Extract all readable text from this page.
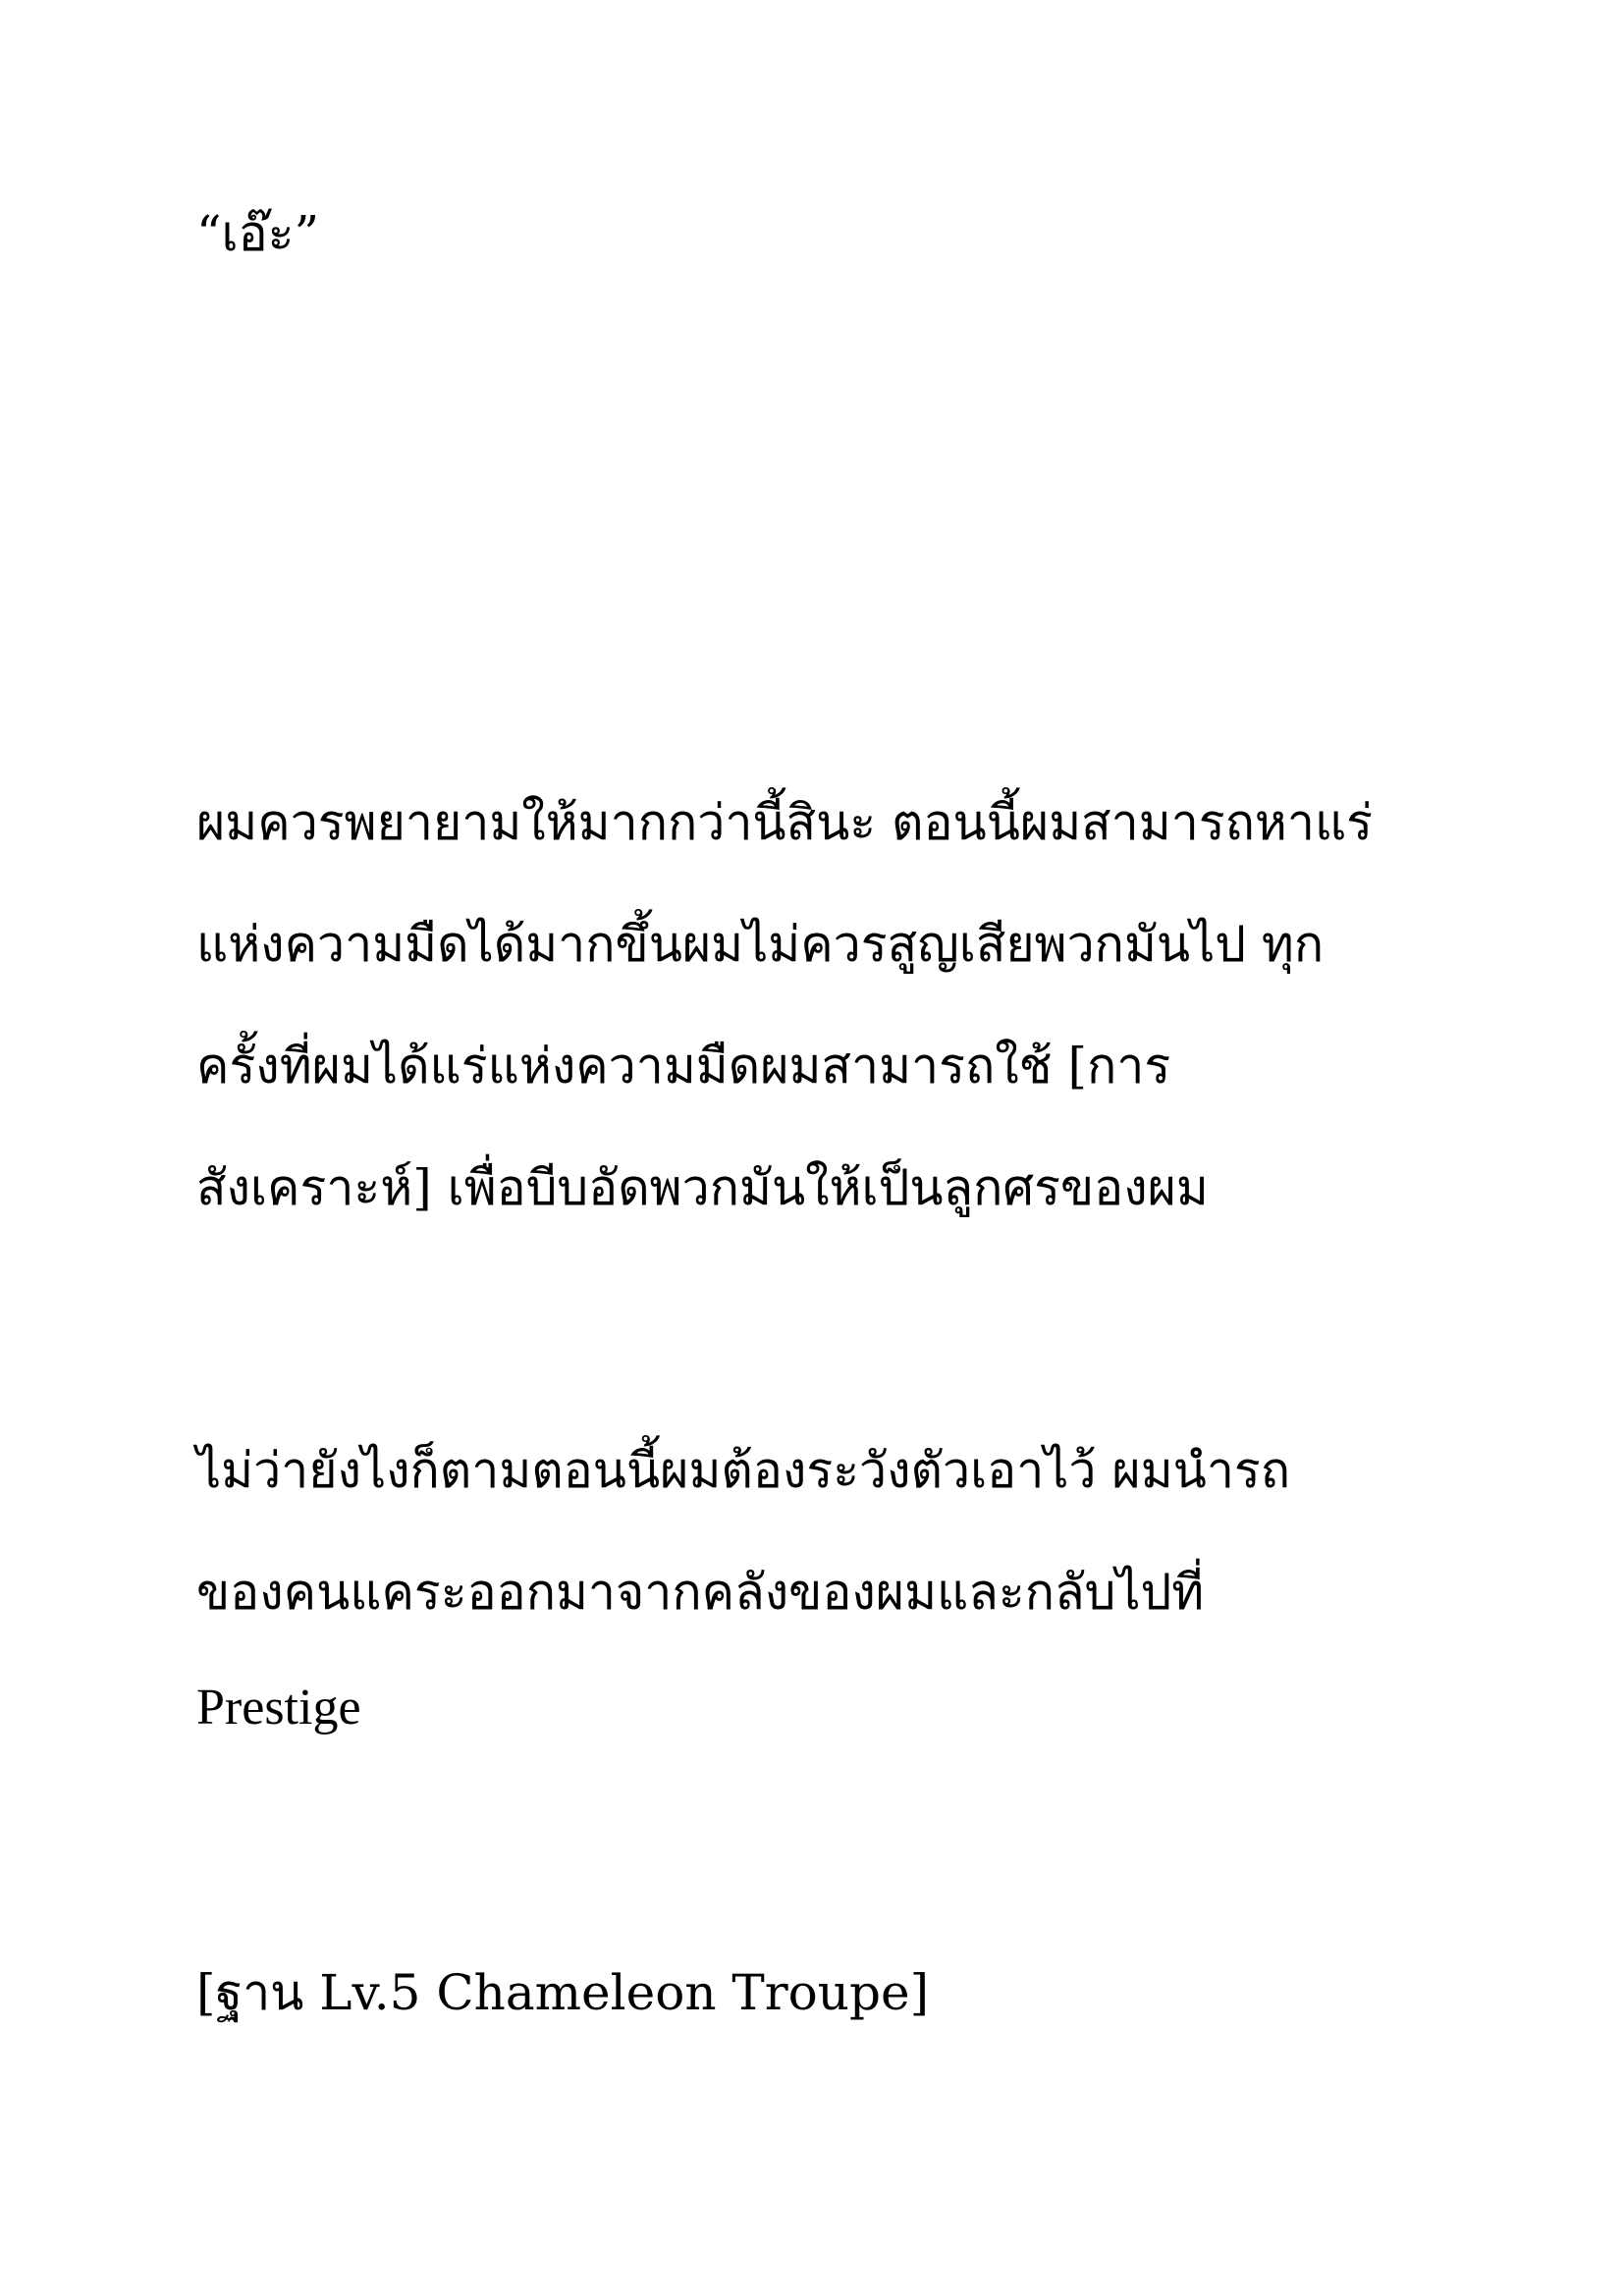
“เอ๊ะ”

ผมควรพยายามให้มากกว่านี้สินะ ตอนนี้ผมสามารถหาแร่

แห่งความมืดได้มากขึ้นผมไม่ควรสูญเสียพวกมันไป ทุก

ครั้งที่ผมได้แร่แห่งความมืดผมสามารถใช้ [การ

สังเคราะห์] เพื่อบีบอัดพวกมันให้เป็นลูกศรของผม

ไม่ว่ายังไงก็ตามตอนนี้ผมต้องระวังตัวเอาไว้ ผมนำรถ

ของคนแคระออกมาจากคลังของผมและกลับไปที่

Prestige

[ฐาน Lv.5 Chameleon Troupe]
